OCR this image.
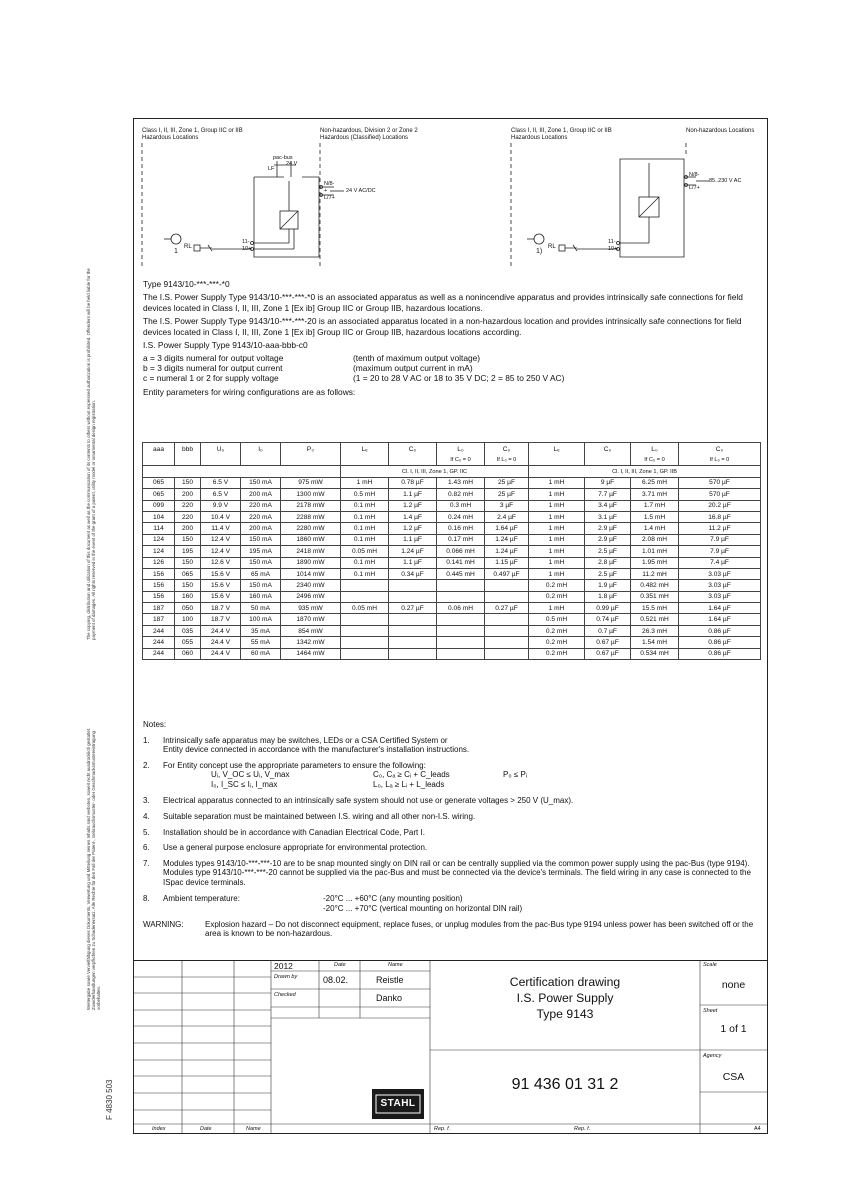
The copying, distribution and utilization of this document as well as the communication of its contents to others without expressed authorization is prohibited. Offenders will be held liable for the payment of damages. All rights reserved in the event of the grant of a patent, utility model or ornamental design registration.
Weitergabe sowie Vervielfältigung dieses Dokuments, Verwertung und Mitteilung seines Inhalts sind verboten, soweit nicht ausdrücklich gestattet. Zuwiderhandlungen verpflichten zu Schadenersatz. Alle Rechte für den Fall der Patent-, Gebrauchsmuster- oder Geschmacksmustereintragung vorbehalten.
F 4830 503
Class I, II, III, Zone 1, Group IIC or IIB
Hazardous Locations
Non-hazardous, Division 2 or Zone 2
Hazardous (Classified) Locations
Class I, II, III, Zone 1, Group IIC or IIB
Hazardous Locations
Non-hazardous Locations
pac-bus
LF
24 V
N/8-
+
L/7+
24 V AC/DC
11-
10+
1
RL
N/8-
L/7+
85..230 V AC
11-
10+
1)
RL

Type 9143/10-***-***-*0

The I.S. Power Supply Type 9143/10-***-***-*0 is an associated apparatus as well as a nonincendive apparatus and provides intrinsically safe connections for field devices located in Class I, II, III, Zone 1 [Ex ib] Group IIC or Group IIB, hazardous locations.

The I.S. Power Supply Type 9143/10-***-***-20 is an associated apparatus located in a non-hazardous location and provides intrinsically safe connections for field devices located in Class I, II, III, Zone 1 [Ex ib] Group IIC or Group IIB, hazardous locations according.

I.S. Power Supply Type 9143/10-aaa-bbb-c0

a = 3 digits numeral for output voltage	(tenth of maximum output voltage)
b = 3 digits numeral for output current	(maximum output current in mA)
c = numeral 1 or 2 for supply voltage	(1 = 20 to 28 V AC or 18 to 35 V DC; 2 = 85 to 250 V AC)

Entity parameters for wiring configurations are as follows:

aaa	bbb	U₀	I₀	P₀	Lₑ	C₀	L₀	C₀	Lₑ	C₀	L₀	C₀
							If C₀ = 0	If L₀ = 0			If C₀ = 0	If L₀ = 0
					Cl. I, II, III, Zone 1, GP. IIC				Cl. I, II, III, Zone 1, GP. IIB			
065	150	6.5 V	150 mA	975 mW	1 mH	0.78 µF	1.43 mH	25 µF	1 mH	9 µF	6.25 mH	570 µF
065	200	6.5 V	200 mA	1300 mW	0.5 mH	1.1 µF	0.82 mH	25 µF	1 mH	7.7 µF	3.71 mH	570 µF
099	220	9.9 V	220 mA	2178 mW	0.1 mH	1.2 µF	0.3 mH	3 µF	1 mH	3.4 µF	1.7 mH	20.2 µF
104	220	10.4 V	220 mA	2288 mW	0.1 mH	1.4 µF	0.24 mH	2.4 µF	1 mH	3.1 µF	1.5 mH	16.8 µF
114	200	11.4 V	200 mA	2280 mW	0.1 mH	1.2 µF	0.16 mH	1.64 µF	1 mH	2.9 µF	1.4 mH	11.2 µF
124	150	12.4 V	150 mA	1860 mW	0.1 mH	1.1 µF	0.17 mH	1.24 µF	1 mH	2.9 µF	2.08 mH	7.9 µF
124	195	12.4 V	195 mA	2418 mW	0.05 mH	1.24 µF	0.066 mH	1.24 µF	1 mH	2.5 µF	1.01 mH	7.9 µF
126	150	12.6 V	150 mA	1890 mW	0.1 mH	1.1 µF	0.141 mH	1.15 µF	1 mH	2.8 µF	1.95 mH	7.4 µF
156	065	15.6 V	65 mA	1014 mW	0.1 mH	0.34 µF	0.445 mH	0.497 µF	1 mH	2.5 µF	11.2 mH	3.03 µF
156	150	15.6 V	150 mA	2340 mW					0.2 mH	1.9 µF	0.482 mH	3.03 µF
156	160	15.6 V	160 mA	2496 mW					0.2 mH	1.8 µF	0.351 mH	3.03 µF
187	050	18.7 V	50 mA	935 mW	0.05 mH	0.27 µF	0.06 mH	0.27 µF	1 mH	0.99 µF	15.5 mH	1.64 µF
187	100	18.7 V	100 mA	1870 mW					0.5 mH	0.74 µF	0.521 mH	1.64 µF
244	035	24.4 V	35 mA	854 mW					0.2 mH	0.7 µF	26.3 mH	0.86 µF
244	055	24.4 V	55 mA	1342 mW					0.2 mH	0.67 µF	1.54 mH	0.86 µF
244	060	24.4 V	60 mA	1464 mW					0.2 mH	0.67 µF	0.534 mH	0.86 µF
Notes:
1. Intrinsically safe apparatus may be switches, LEDs or a CSA Certified System or
Entity device connected in accordance with the manufacturer's installation instructions.
2. For Entity concept use the appropriate parameters to ensure the following:
Uᵢ, V_OC ≤ Uᵢ, V_max	C₀, Cₐ ≥ Cᵢ + C_leads	P₀ ≤ Pᵢ
I₀, I_SC ≤ Iᵢ, I_max	L₀, Lₐ ≥ Lᵢ + L_leads
3. Electrical apparatus connected to an intrinsically safe system should not use or generate voltages > 250 V (U_max).
4. Suitable separation must be maintained between I.S. wiring and all other non-I.S. wiring.
5. Installation should be in accordance with Canadian Electrical Code, Part I.
6. Use a general purpose enclosure appropriate for environmental protection.
7. Modules types 9143/10-***-***-10 are to be snap mounted singly on DIN rail or can be centrally supplied via the common power supply using the pac-Bus (type 9194). Modules type 9143/10-***-***-20 cannot be supplied via the pac-Bus and must be connected via the device's terminals. The field wiring in any case is connected to the ISpac device terminals.
8. Ambient temperature:	-20°C ... +60°C (any mounting position)
-20°C ... +70°C (vertical mounting on horizontal DIN rail)
WARNING:	Explosion hazard – Do not disconnect equipment, replace fuses, or unplug modules from the pac-Bus type 9194 unless power has been switched off or the area is known to be non-hazardous.
2012	Date	Name
Drawn by	08.02.	Reistle
Checked	Danko
STAHL
Certification drawing
I.S. Power Supply
Type 9143
91 436 01 31 2
Scale
none
Sheet
1 of 1
Agency
CSA
Index	Date	Name	Rep. f.	Rep. f.	A4
